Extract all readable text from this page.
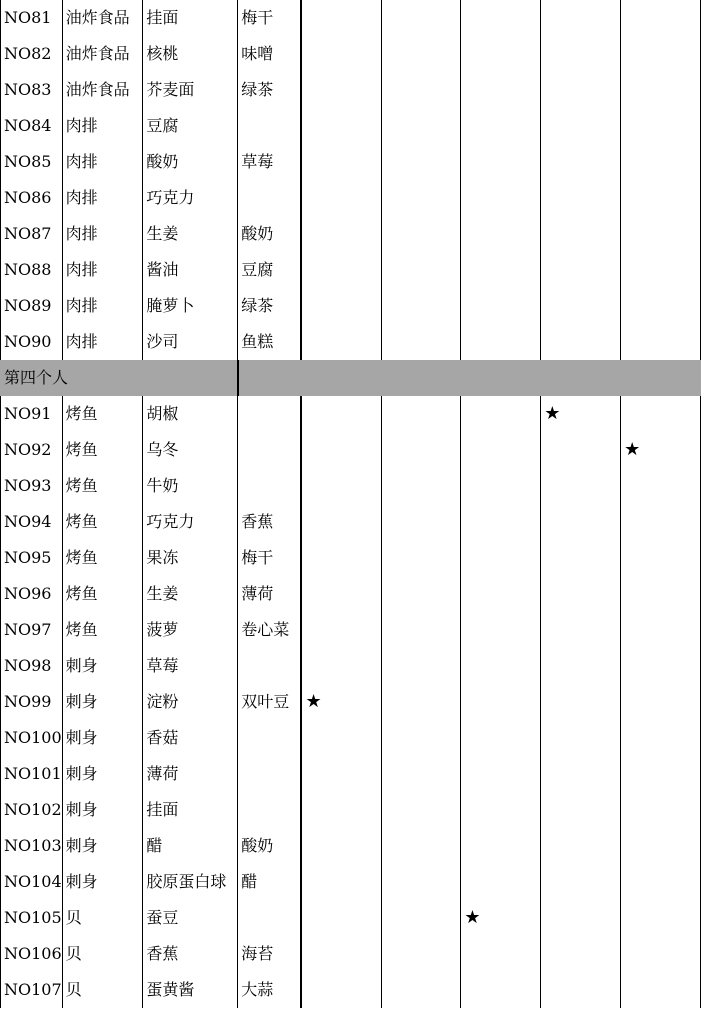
NO81	油炸食品	挂面	梅干					
NO82	油炸食品	核桃	味噌					
NO83	油炸食品	芥麦面	绿茶					
NO84	肉排	豆腐						
NO85	肉排	酸奶	草莓					
NO86	肉排	巧克力						
NO87	肉排	生姜	酸奶					
NO88	肉排	酱油	豆腐					
NO89	肉排	腌萝卜	绿茶					
NO90	肉排	沙司	鱼糕					
第四个人								
NO91	烤鱼	胡椒					★	
NO92	烤鱼	乌冬						★
NO93	烤鱼	牛奶						
NO94	烤鱼	巧克力	香蕉					
NO95	烤鱼	果冻	梅干					
NO96	烤鱼	生姜	薄荷					
NO97	烤鱼	菠萝	卷心菜					
NO98	刺身	草莓						
NO99	刺身	淀粉	双叶豆	★				
NO100	刺身	香菇						
NO101	刺身	薄荷						
NO102	刺身	挂面						
NO103	刺身	醋	酸奶					
NO104	刺身	胶原蛋白球	醋					
NO105	贝	蚕豆				★		
NO106	贝	香蕉	海苔					
NO107	贝	蛋黄酱	大蒜					
